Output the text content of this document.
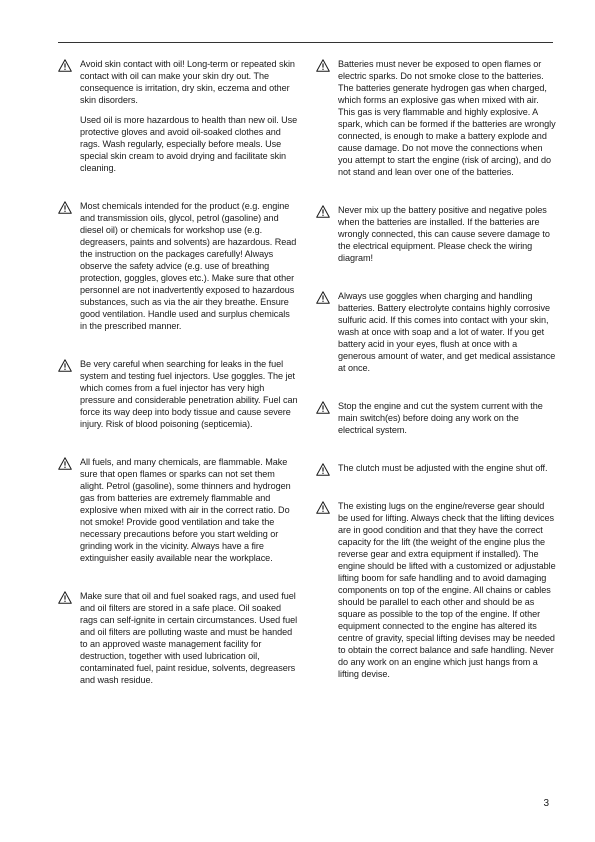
Avoid skin contact with oil! Long-term or repeated skin contact with oil can make your skin dry out. The consequence is irritation, dry skin, eczema and other skin disorders.

Used oil is more hazardous to health than new oil. Use protective gloves and avoid oil-soaked clothes and rags. Wash regularly, especially before meals. Use special skin cream to avoid drying and facilitate skin cleaning.

Most chemicals intended for the product (e.g. engine and transmission oils, glycol, petrol (gasoline) and diesel oil) or chemicals for workshop use (e.g. degreasers, paints and solvents) are hazardous. Read the instruction on the packages carefully! Always observe the safety advice (e.g. use of breathing protection, goggles, gloves etc.). Make sure that other personnel are not inadvertently exposed to hazardous substances, such as via the air they breathe. Ensure good ventilation. Handle used and surplus chemicals in the prescribed manner.

Be very careful when searching for leaks in the fuel system and testing fuel injectors. Use goggles. The jet which comes from a fuel injector has very high pressure and considerable penetration ability. Fuel can force its way deep into body tissue and cause severe injury. Risk of blood poisoning (septicemia).

All fuels, and many chemicals, are flammable. Make sure that open flames or sparks can not set them alight. Petrol (gasoline), some thinners and hydrogen gas from batteries are extremely flammable and explosive when mixed with air in the correct ratio. Do not smoke! Provide good ventilation and take the necessary precautions before you start welding or grinding work in the vicinity. Always have a fire extinguisher easily available near the workplace.

Make sure that oil and fuel soaked rags, and used fuel and oil filters are stored in a safe place. Oil soaked rags can self-ignite in certain circumstances. Used fuel and oil filters are polluting waste and must be handed to an approved waste management facility for destruction, together with used lubrication oil, contaminated fuel, paint residue, solvents, degreasers and wash residue.

Batteries must never be exposed to open flames or electric sparks. Do not smoke close to the batteries. The batteries generate hydrogen gas when charged, which forms an explosive gas when mixed with air. This gas is very flammable and highly explosive. A spark, which can be formed if the batteries are wrongly connected, is enough to make a battery explode and cause damage. Do not move the connections when you attempt to start the engine (risk of arcing), and do not stand and lean over one of the batteries.

Never mix up the battery positive and negative poles when the batteries are installed. If the batteries are wrongly connected, this can cause severe damage to the electrical equipment. Please check the wiring diagram!

Always use goggles when charging and handling batteries. Battery electrolyte contains highly corrosive sulfuric acid. If this comes into contact with your skin, wash at once with soap and a lot of water. If you get battery acid in your eyes, flush at once with a generous amount of water, and get medical assistance at once.

Stop the engine and cut the system current with the main switch(es) before doing any work on the electrical system.

The clutch must be adjusted with the engine shut off.

The existing lugs on the engine/reverse gear should be used for lifting. Always check that the lifting devices are in good condition and that they have the correct capacity for the lift (the weight of the engine plus the reverse gear and extra equipment if installed). The engine should be lifted with a customized or adjustable lifting boom for safe handling and to avoid damaging components on top of the engine. All chains or cables should be parallel to each other and should be as square as possible to the top of the engine. If other equipment connected to the engine has altered its centre of gravity, special lifting devises may be needed to obtain the correct balance and safe handling. Never do any work on an engine which just hangs from a lifting devise.

3
